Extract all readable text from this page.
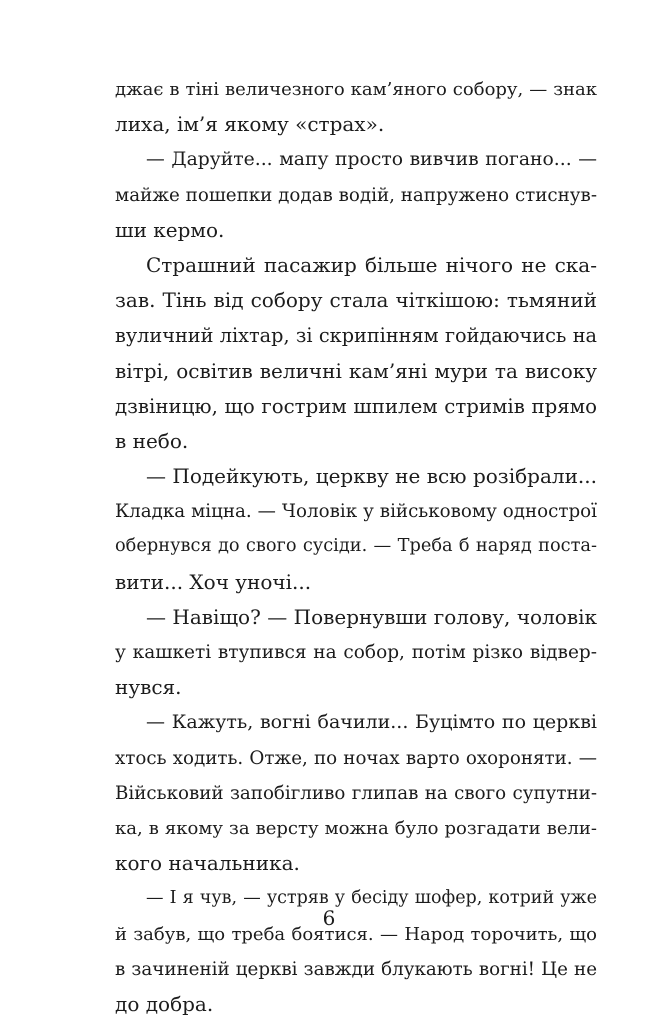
джає в тіні величезного кам’яного собору, — знак
лиха, ім’я якому «страх».
— Даруйте... мапу просто вивчив погано... —
майже пошепки додав водій, напружено стиснув-
ши кермо.
Страшний пасажир більше нічого не ска-
зав. Тінь від собору стала чіткішою: тьмяний
вуличний ліхтар, зі скрипінням гойдаючись на
вітрі, освітив величні кам’яні мури та високу
дзвіницю, що гострим шпилем стримів прямо
в небо.
— Подейкують, церкву не всю розібрали...
Кладка міцна. — Чоловік у військовому однострої
обернувся до свого сусіди. — Треба б наряд поста-
вити... Хоч уночі...
— Навіщо? — Повернувши голову, чоловік
у кашкеті втупився на собор, потім різко відвер-
нувся.
— Кажуть, вогні бачили... Буцімто по церкві
хтось ходить. Отже, по ночах варто охороняти. —
Військовий запобігливо глипав на свого супутни-
ка, в якому за версту можна було розгадати вели-
кого начальника.
— І я чув, — устряв у бесіду шофер, котрий уже
й забув, що треба боятися. — Народ торочить, що
в зачиненій церкві завжди блукають вогні! Це не
до добра.
6
